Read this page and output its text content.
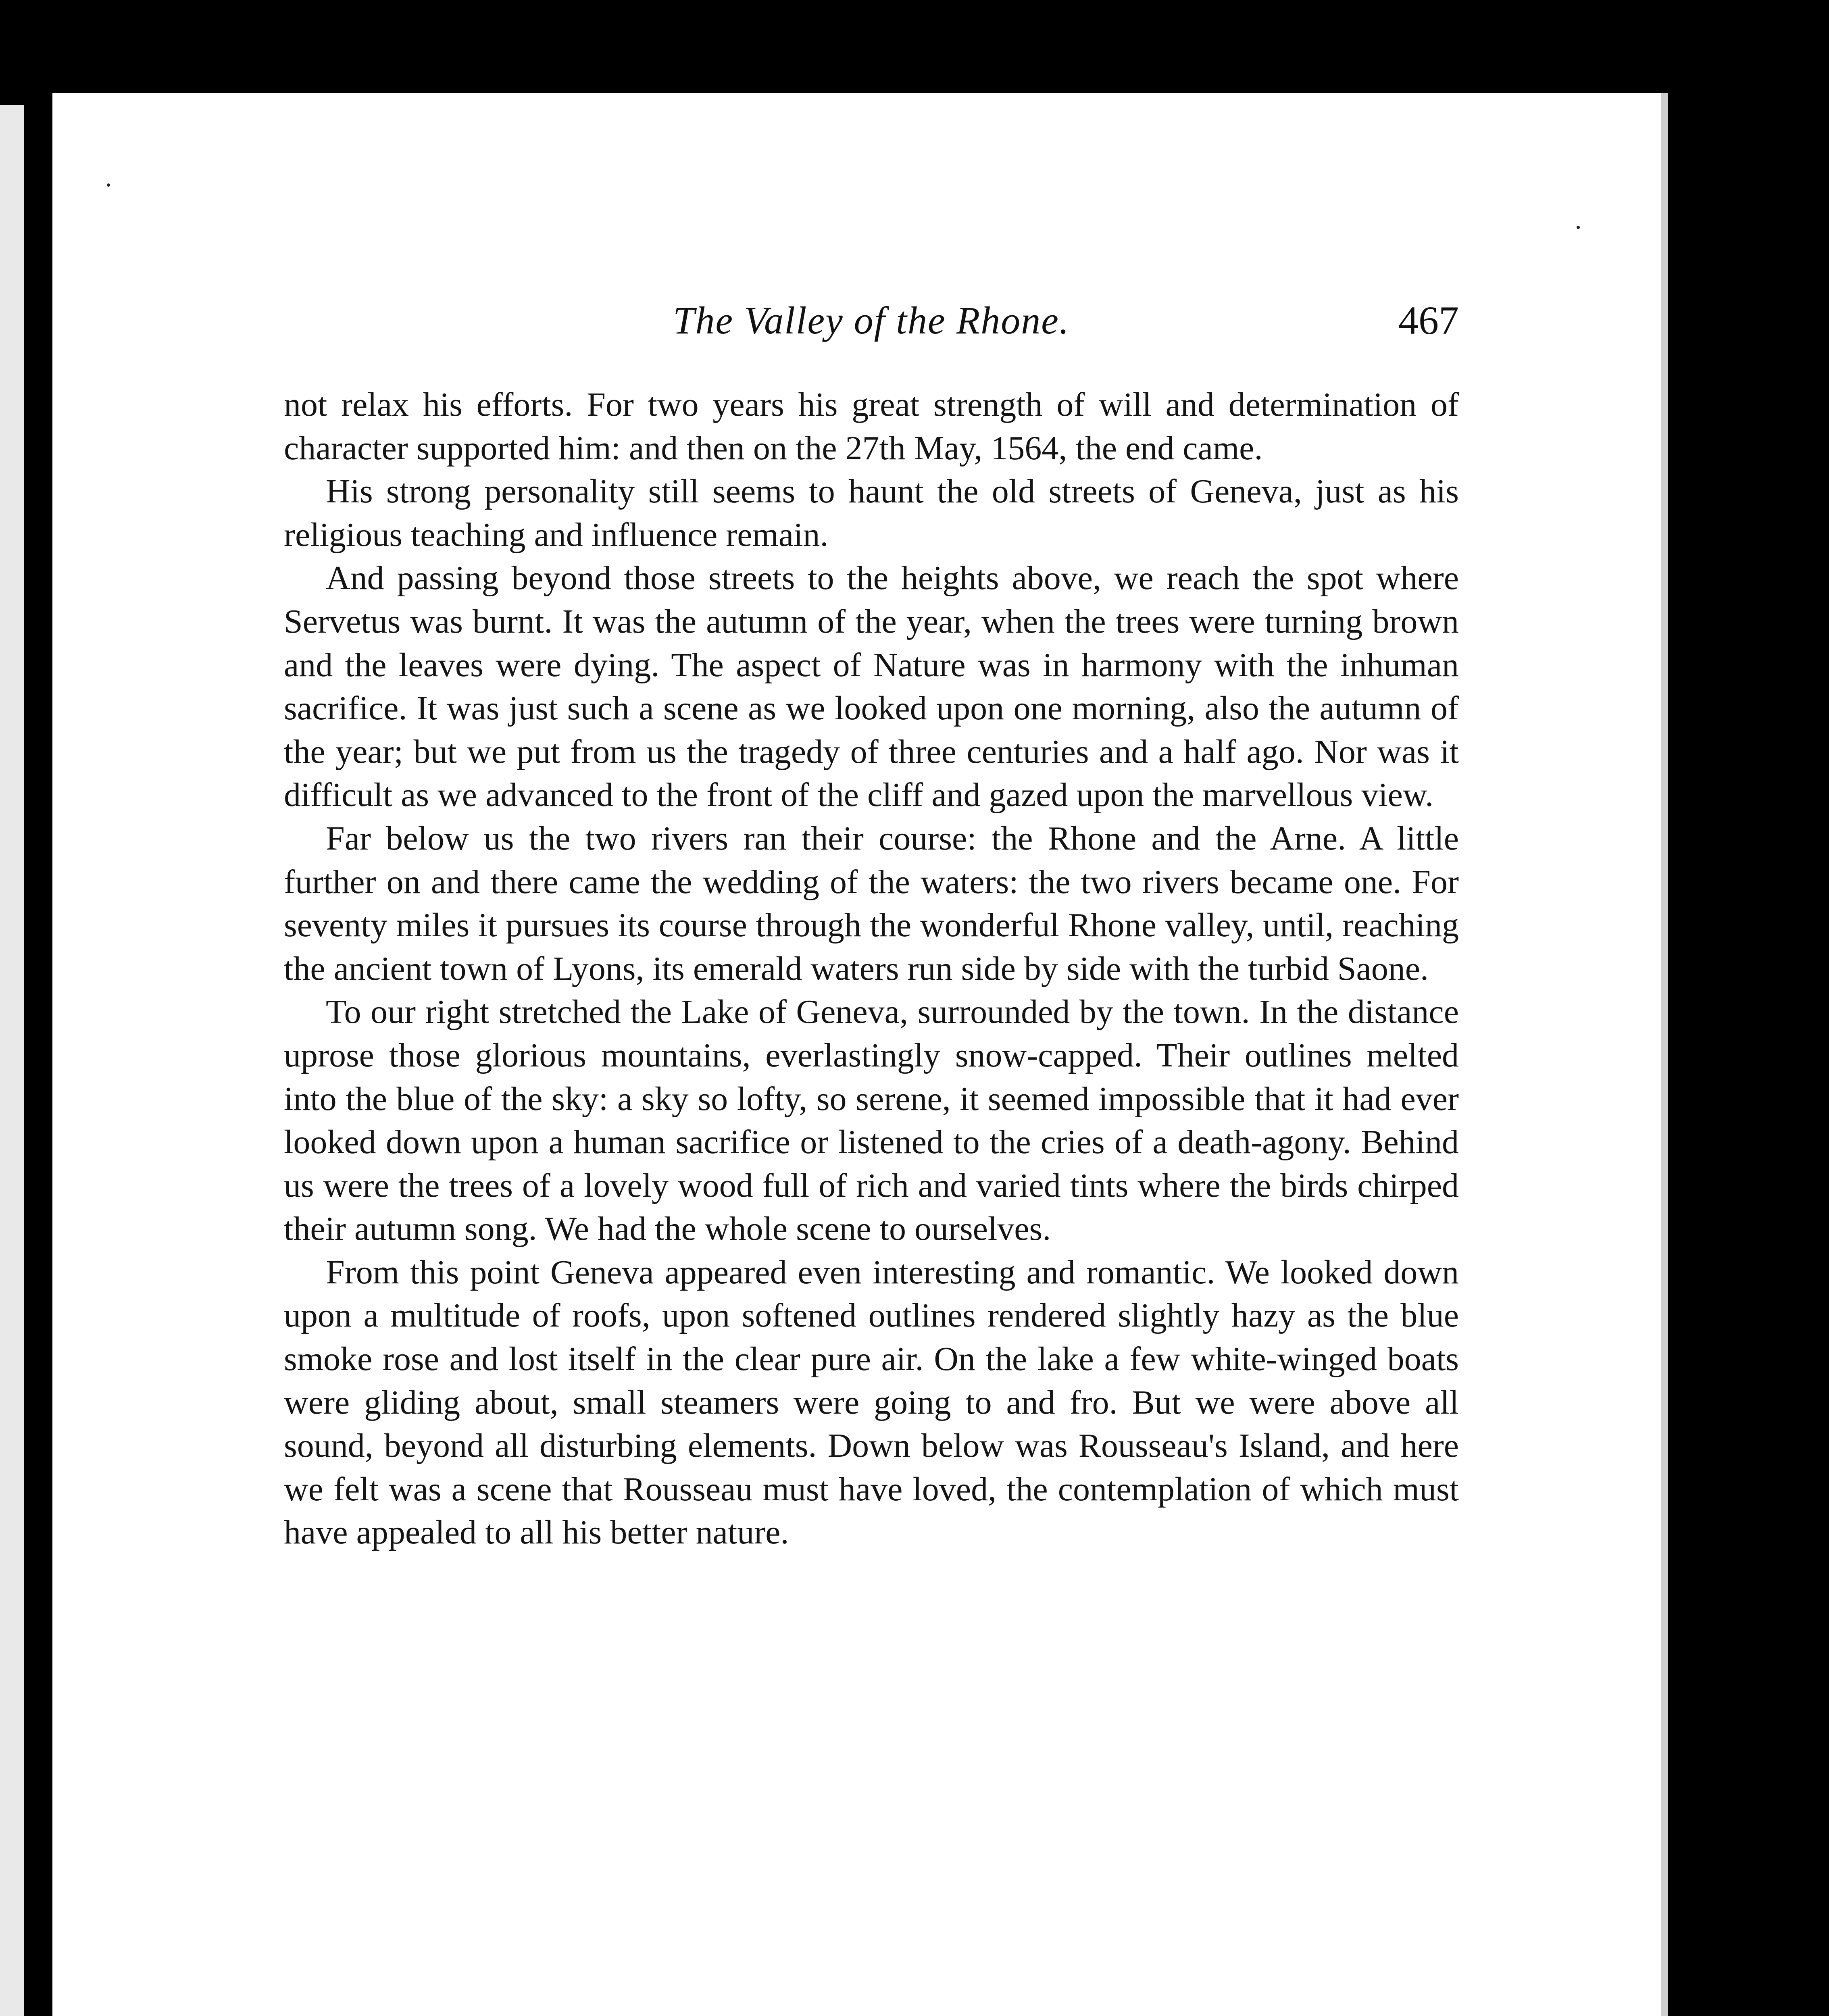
The Valley of the Rhone.	467

not relax his efforts. For two years his great strength of will and determination of character supported him: and then on the 27th May, 1564, the end came.

His strong personality still seems to haunt the old streets of Geneva, just as his religious teaching and influence remain.

And passing beyond those streets to the heights above, we reach the spot where Servetus was burnt. It was the autumn of the year, when the trees were turning brown and the leaves were dying. The aspect of Nature was in harmony with the inhuman sacrifice. It was just such a scene as we looked upon one morning, also the autumn of the year; but we put from us the tragedy of three centuries and a half ago. Nor was it difficult as we advanced to the front of the cliff and gazed upon the marvellous view.

Far below us the two rivers ran their course: the Rhone and the Arne. A little further on and there came the wedding of the waters: the two rivers became one. For seventy miles it pursues its course through the wonderful Rhone valley, until, reaching the ancient town of Lyons, its emerald waters run side by side with the turbid Saone.

To our right stretched the Lake of Geneva, surrounded by the town. In the distance uprose those glorious mountains, everlastingly snow-capped. Their outlines melted into the blue of the sky: a sky so lofty, so serene, it seemed impossible that it had ever looked down upon a human sacrifice or listened to the cries of a death-agony. Behind us were the trees of a lovely wood full of rich and varied tints where the birds chirped their autumn song. We had the whole scene to ourselves.

From this point Geneva appeared even interesting and romantic. We looked down upon a multitude of roofs, upon softened outlines rendered slightly hazy as the blue smoke rose and lost itself in the clear pure air. On the lake a few white-winged boats were gliding about, small steamers were going to and fro. But we were above all sound, beyond all disturbing elements. Down below was Rousseau's Island, and here we felt was a scene that Rousseau must have loved, the contemplation of which must have appealed to all his better nature.
